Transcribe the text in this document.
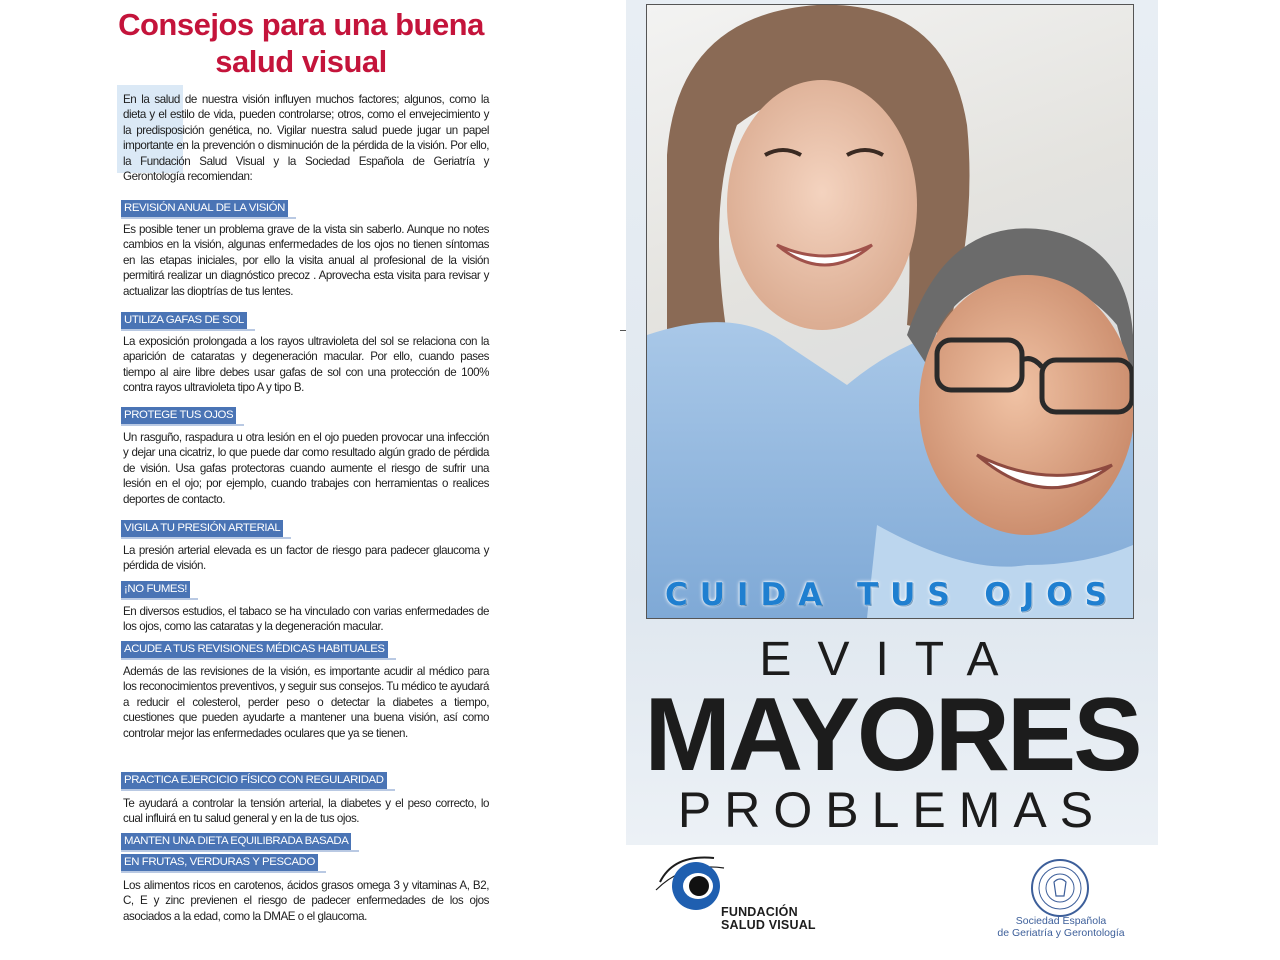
Consejos para una buena
salud visual
En la salud de nuestra visión influyen muchos factores; algunos, como la dieta y el estilo de vida, pueden controlarse; otros, como el envejecimiento y la predisposición genética, no. Vigilar nuestra salud puede jugar un papel importante en la prevención o disminución de la pérdida de la visión. Por ello, la Fundación Salud Visual y la Sociedad Española de Geriatría y Gerontología recomiendan:
REVISIÓN ANUAL DE LA VISIÓN
Es posible tener un problema grave de la vista sin saberlo. Aunque no notes cambios en la visión, algunas enfermedades de los ojos no tienen síntomas en las etapas iniciales, por ello la visita anual al profesional de la visión permitirá realizar un diagnóstico precoz . Aprovecha esta visita para revisar y actualizar las dioptrías de tus lentes.
UTILIZA GAFAS DE SOL
La exposición prolongada a los rayos ultravioleta del sol se relaciona con la aparición de cataratas y degeneración macular. Por ello, cuando pases tiempo al aire libre debes usar gafas de sol con una protección de 100% contra rayos ultravioleta tipo A y tipo B.
PROTEGE TUS OJOS
Un rasguño, raspadura u otra lesión en el ojo pueden provocar una infección y dejar una cicatriz, lo que puede dar como resultado algún grado de pérdida de visión. Usa gafas protectoras cuando aumente el riesgo de sufrir una lesión en el ojo; por ejemplo, cuando trabajes con herramientas o realices deportes de contacto.
VIGILA TU PRESIÓN ARTERIAL
La presión arterial elevada es un factor de riesgo para padecer glaucoma y pérdida de visión.
¡NO FUMES!
En diversos estudios, el tabaco se ha vinculado con varias enfermedades de los ojos, como las cataratas y la degeneración macular.
ACUDE A TUS REVISIONES MÉDICAS HABITUALES
Además de las revisiones de la visión, es importante acudir al médico para los reconocimientos preventivos, y seguir sus consejos. Tu médico te ayudará a reducir el colesterol, perder peso o detectar la diabetes a tiempo, cuestiones que pueden ayudarte a mantener una buena visión, así como controlar mejor las enfermedades oculares que ya se tienen.
PRACTICA EJERCICIO FÍSICO CON REGULARIDAD
Te ayudará a controlar la tensión arterial, la diabetes y el peso correcto, lo cual influirá en tu salud general y en la de tus ojos.
MANTEN UNA DIETA EQUILIBRADA BASADA
EN FRUTAS, VERDURAS Y PESCADO
Los alimentos ricos en carotenos, ácidos grasos omega 3 y vitaminas A, B2, C, E y zinc previenen el riesgo de padecer enfermedades de los ojos asociados a la edad, como la DMAE o el glaucoma.
CUIDA TUS OJOS
EVITA
MAYORES
PROBLEMAS
FUNDACIÓN
SALUD VISUAL	Sociedad Española
de Geriatría y Gerontología
